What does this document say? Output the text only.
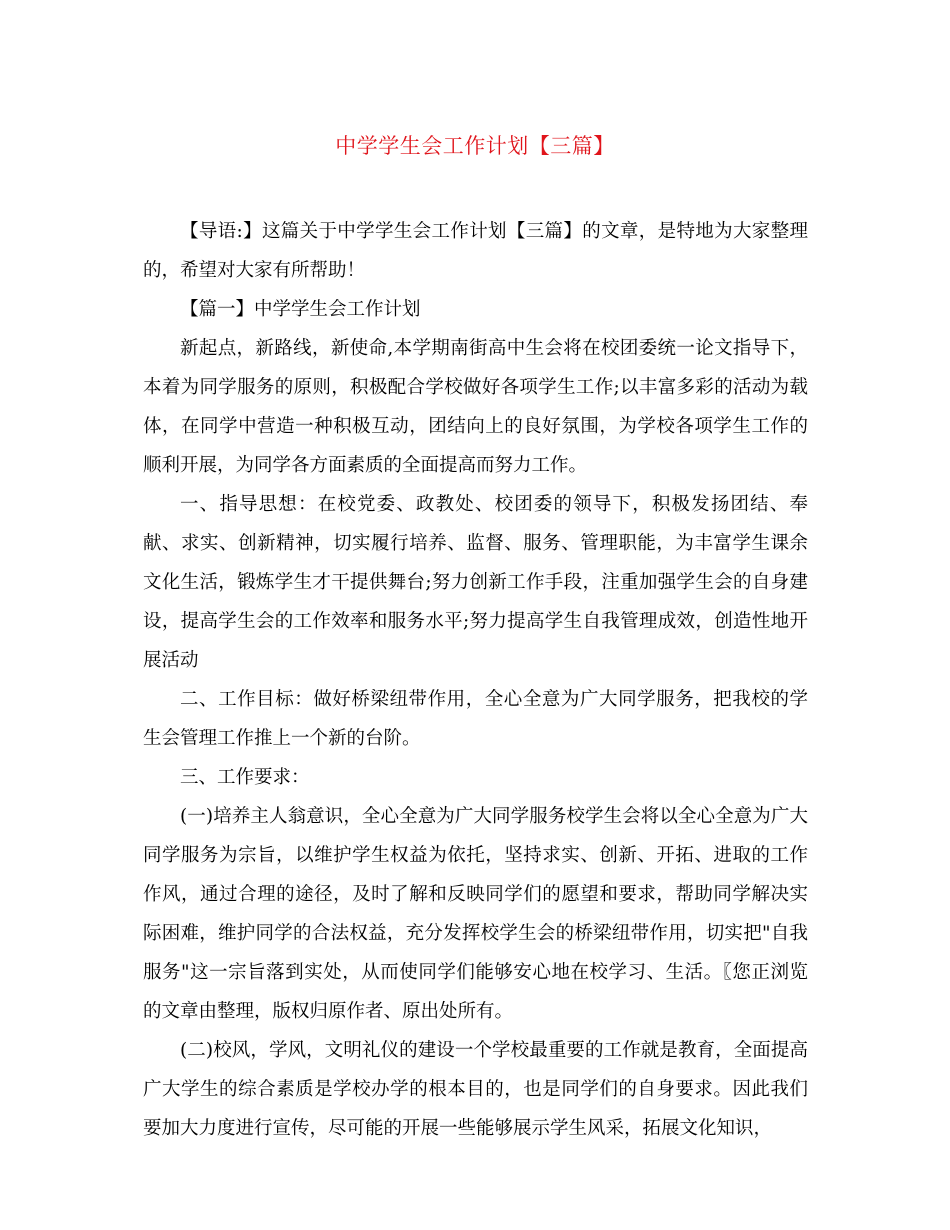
中学学生会工作计划【三篇】

【导语:】这篇关于中学学生会工作计划【三篇】的文章，是特地为大家整理的，希望对大家有所帮助！

【篇一】中学学生会工作计划

新起点，新路线，新使命,本学期南街高中生会将在校团委统一论文指导下，本着为同学服务的原则，积极配合学校做好各项学生工作;以丰富多彩的活动为载体，在同学中营造一种积极互动，团结向上的良好氛围，为学校各项学生工作的顺利开展，为同学各方面素质的全面提高而努力工作。

一、指导思想：在校党委、政教处、校团委的领导下，积极发扬团结、奉献、求实、创新精神，切实履行培养、监督、服务、管理职能，为丰富学生课余文化生活，锻炼学生才干提供舞台;努力创新工作手段，注重加强学生会的自身建设，提高学生会的工作效率和服务水平;努力提高学生自我管理成效，创造性地开展活动

二、工作目标：做好桥梁纽带作用，全心全意为广大同学服务，把我校的学生会管理工作推上一个新的台阶。

三、工作要求：

(一)培养主人翁意识，全心全意为广大同学服务校学生会将以全心全意为广大同学服务为宗旨，以维护学生权益为依托，坚持求实、创新、开拓、进取的工作作风，通过合理的途径，及时了解和反映同学们的愿望和要求，帮助同学解决实际困难，维护同学的合法权益，充分发挥校学生会的桥梁纽带作用，切实把"自我服务"这一宗旨落到实处，从而使同学们能够安心地在校学习、生活。〖您正浏览的文章由整理，版权归原作者、原出处所有。

(二)校风，学风，文明礼仪的建设一个学校最重要的工作就是教育，全面提高广大学生的综合素质是学校办学的根本目的，也是同学们的自身要求。因此我们要加大力度进行宣传，尽可能的开展一些能够展示学生风采，拓展文化知识，
